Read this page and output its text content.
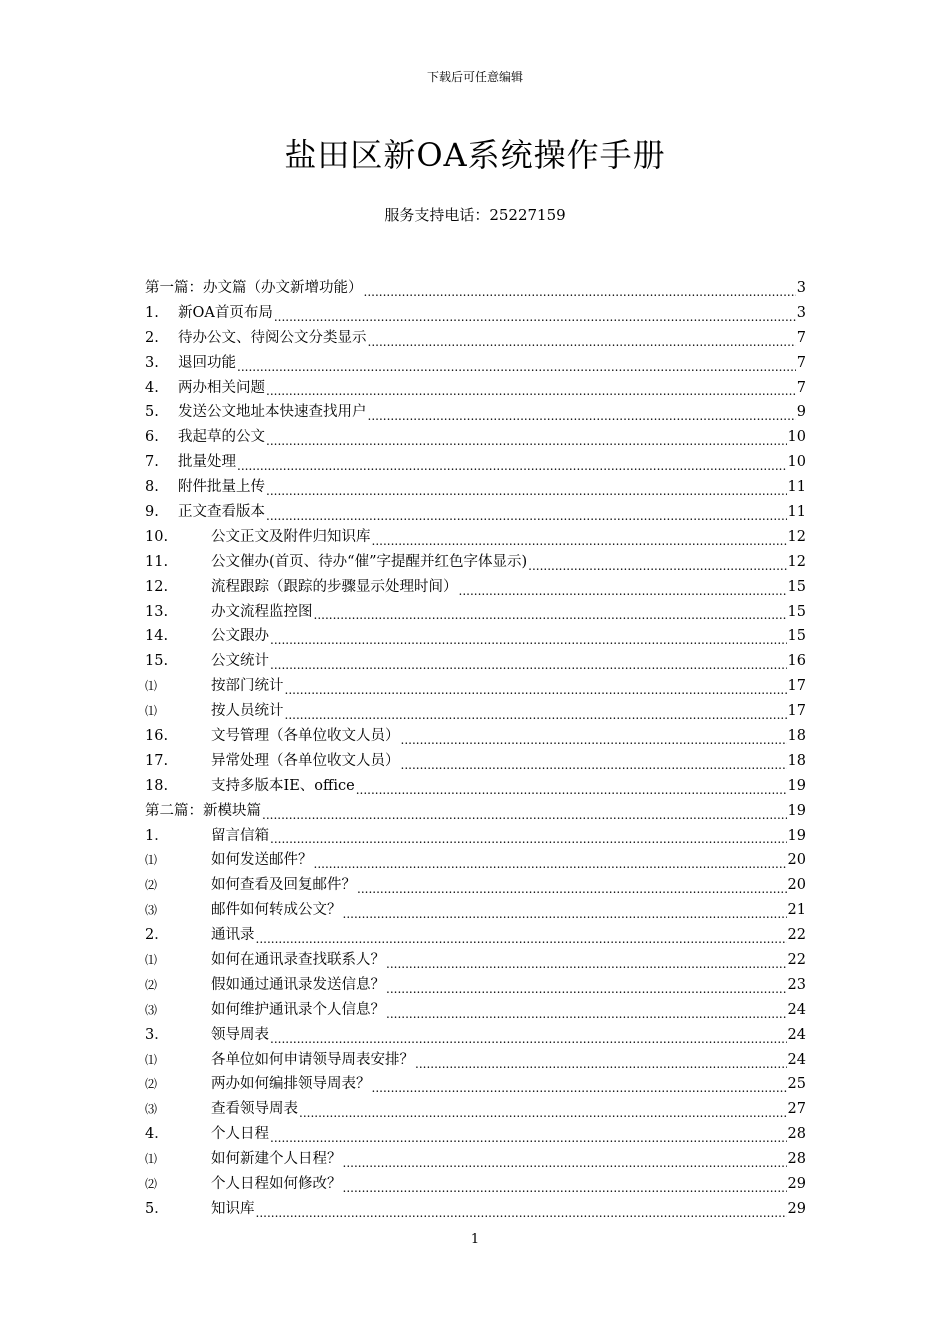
下载后可任意编辑
盐田区新OA系统操作手册
服务支持电话：25227159
第一篇：办文篇（办文新增功能） .....	3
1.	新OA首页布局 .....	3
2.	待办公文、待阅公文分类显示 .....	7
3.	退回功能 .....	7
4.	两办相关问题 .....	7
5.	发送公文地址本快速查找用户 .....	9
6.	我起草的公文 .....	10
7.	批量处理 .....	10
8.	附件批量上传 .....	11
9.	正文查看版本 .....	11
10.	公文正文及附件归知识库 .....	12
11.	公文催办(首页、待办“催”字提醒并红色字体显示) .....	12
12.	流程跟踪（跟踪的步骤显示处理时间） .....	15
13.	办文流程监控图 .....	15
14.	公文跟办 .....	15
15.	公文统计 .....	16
⑴	按部门统计 .....	17
⑴	按人员统计 .....	17
16.	文号管理（各单位收文人员） .....	18
17.	异常处理（各单位收文人员） .....	18
18.	支持多版本IE、office .....	19
第二篇：新模块篇 .....	19
1．	留言信箱 .....	19
⑴	如何发送邮件？ .....	20
⑵	如何查看及回复邮件？ .....	20
⑶	邮件如何转成公文？ .....	21
2．	通讯录 .....	22
⑴	如何在通讯录查找联系人？ .....	22
⑵	假如通过通讯录发送信息？ .....	23
⑶	如何维护通讯录个人信息？ .....	24
3．	领导周表 .....	24
⑴	各单位如何申请领导周表安排？ .....	24
⑵	两办如何编排领导周表？ .....	25
⑶	查看领导周表 .....	27
4．	个人日程 .....	28
⑴	如何新建个人日程？ .....	28
⑵	个人日程如何修改？ .....	29
5．	知识库 .....	29
1
